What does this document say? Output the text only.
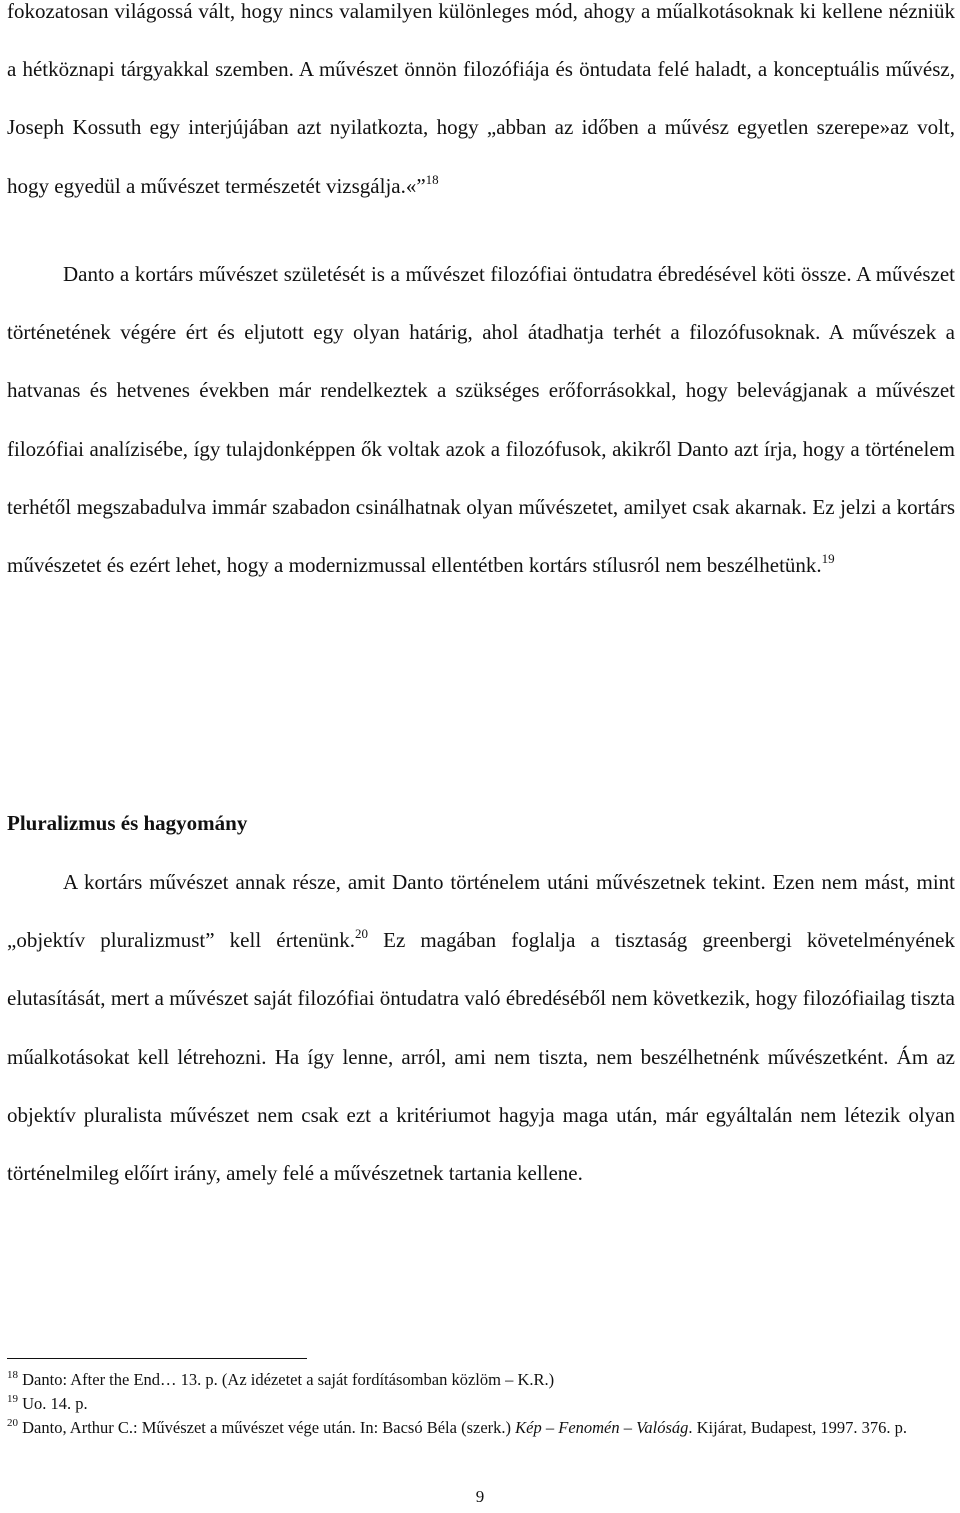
fokozatosan világossá vált, hogy nincs valamilyen különleges mód, ahogy a műalkotásoknak ki kellene nézniük a hétköznapi tárgyakkal szemben. A művészet önnön filozófiája és öntudata felé haladt, a konceptuális művész, Joseph Kossuth egy interjújában azt nyilatkozta, hogy „abban az időben a művész egyetlen szerepe»az volt, hogy egyedül a művészet természetét vizsgálja.«”$^{18}$

Danto a kortárs művészet születését is a művészet filozófiai öntudatra ébredésével köti össze. A művészet történetének végére ért és eljutott egy olyan határig, ahol átadhatja terhét a filozófusoknak. A művészek a hatvanas és hetvenes években már rendelkeztek a szükséges erőforrásokkal, hogy belevágjanak a művészet filozófiai analízisébe, így tulajdonképpen ők voltak azok a filozófusok, akikről Danto azt írja, hogy a történelem terhétől megszabadulva immár szabadon csinálhatnak olyan művészetet, amilyet csak akarnak. Ez jelzi a kortárs művészetet és ezért lehet, hogy a modernizmussal ellentétben kortárs stílusról nem beszélhetünk.$^{19}$

Pluralizmus és hagyomány

A kortárs művészet annak része, amit Danto történelem utáni művészetnek tekint. Ezen nem mást, mint „objektív pluralizmust” kell értenünk.$^{20}$ Ez magában foglalja a tisztaság greenbergi követelményének elutasítását, mert a művészet saját filozófiai öntudatra való ébredéséből nem következik, hogy filozófiailag tiszta műalkotásokat kell létrehozni. Ha így lenne, arról, ami nem tiszta, nem beszélhetnénk művészetként. Ám az objektív pluralista művészet nem csak ezt a kritériumot hagyja maga után, már egyáltalán nem létezik olyan történelmileg előírt irány, amely felé a művészetnek tartania kellene.

$^{18}$ Danto: After the End… 13. p. (Az idézetet a saját fordításomban közlöm – K.R.)

$^{19}$ Uo. 14. p.

$^{20}$ Danto, Arthur C.: Művészet a művészet vége után. In: Bacsó Béla (szerk.) Kép – Fenomén – Valóság. Kijárat, Budapest, 1997. 376. p.

9
